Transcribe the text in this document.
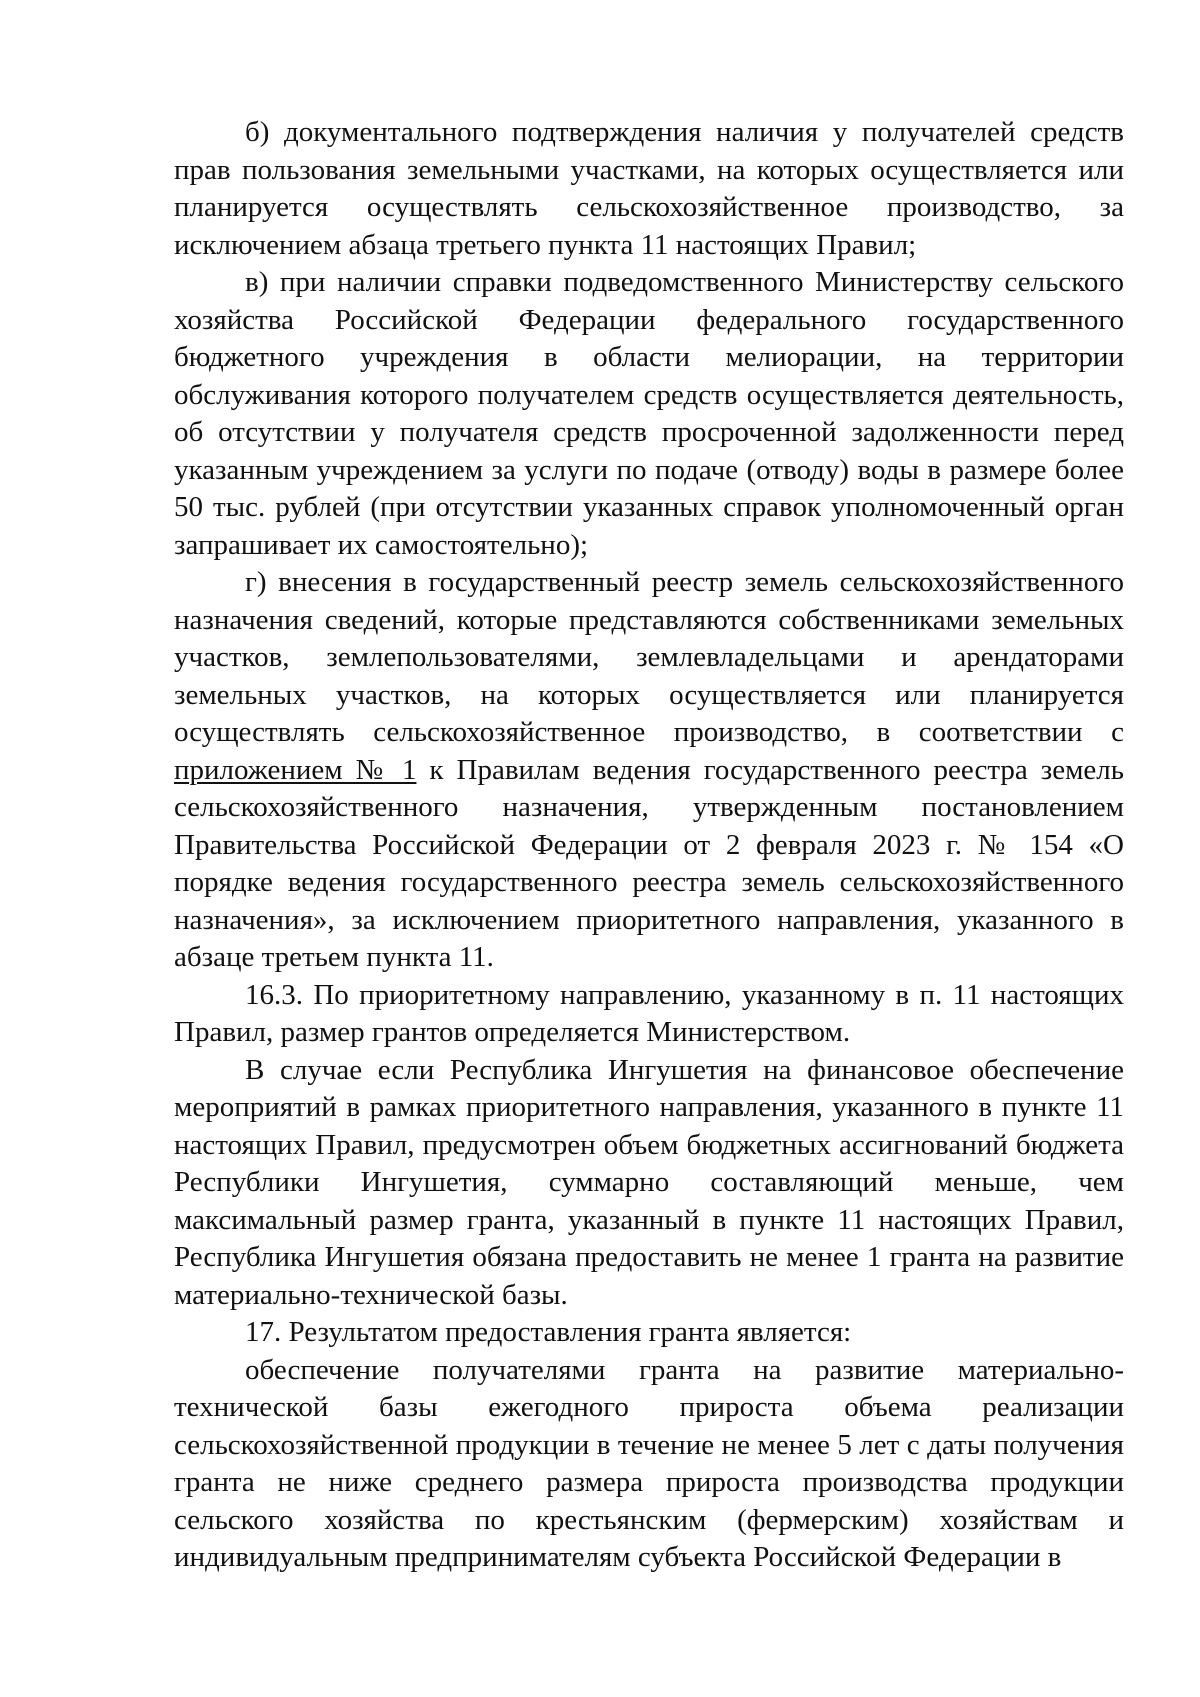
б) документального подтверждения наличия у получателей средств прав пользования земельными участками, на которых осуществляется или планируется осуществлять сельскохозяйственное производство, за исключением абзаца третьего пункта 11 настоящих Правил;

в) при наличии справки подведомственного Министерству сельского хозяйства Российской Федерации федерального государственного бюджетного учреждения в области мелиорации, на территории обслуживания которого получателем средств осуществляется деятельность, об отсутствии у получателя средств просроченной задолженности перед указанным учреждением за услуги по подаче (отводу) воды в размере более 50 тыс. рублей (при отсутствии указанных справок уполномоченный орган запрашивает их самостоятельно);

г) внесения в государственный реестр земель сельскохозяйственного назначения сведений, которые представляются собственниками земельных участков, землепользователями, землевладельцами и арендаторами земельных участков, на которых осуществляется или планируется осуществлять сельскохозяйственное производство, в соответствии с приложением № 1 к Правилам ведения государственного реестра земель сельскохозяйственного назначения, утвержденным постановлением Правительства Российской Федерации от 2 февраля 2023 г. № 154 «О порядке ведения государственного реестра земель сельскохозяйственного назначения», за исключением приоритетного направления, указанного в абзаце третьем пункта 11.

16.3. По приоритетному направлению, указанному в п. 11 настоящих Правил, размер грантов определяется Министерством.

В случае если Республика Ингушетия на финансовое обеспечение мероприятий в рамках приоритетного направления, указанного в пункте 11 настоящих Правил, предусмотрен объем бюджетных ассигнований бюджета Республики Ингушетия, суммарно составляющий меньше, чем максимальный размер гранта, указанный в пункте 11 настоящих Правил, Республика Ингушетия обязана предоставить не менее 1 гранта на развитие материально-технической базы.

17. Результатом предоставления гранта является:

обеспечение получателями гранта на развитие материально-технической базы ежегодного прироста объема реализации сельскохозяйственной продукции в течение не менее 5 лет с даты получения гранта не ниже среднего размера прироста производства продукции сельского хозяйства по крестьянским (фермерским) хозяйствам и индивидуальным предпринимателям субъекта Российской Федерации в
